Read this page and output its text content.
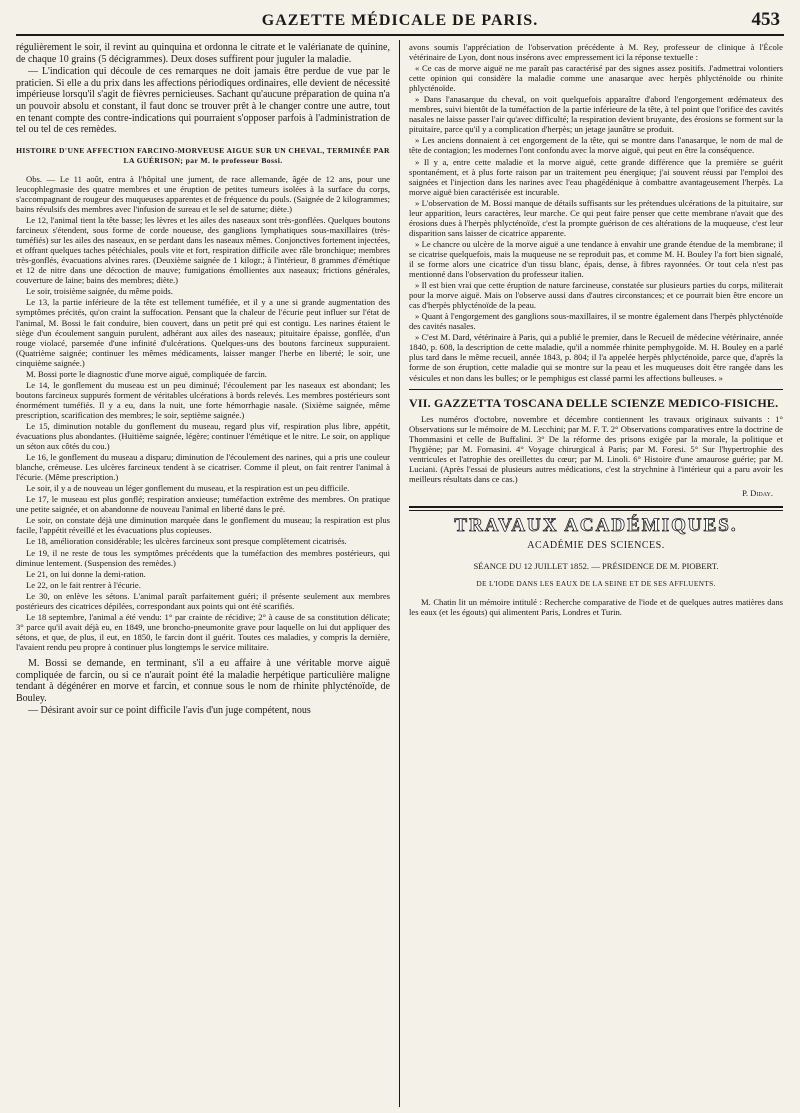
GAZETTE MÉDICALE DE PARIS.	453

régulièrement le soir, il revint au quinquina et ordonna le citrate et le valérianate de quinine, de chaque 10 grains (5 décigrammes). Deux doses suffirent pour juguler la maladie.

— L'indication qui découle de ces remarques ne doit jamais être perdue de vue par le praticien. Si elle a du prix dans les affections périodiques ordinaires, elle devient de nécessité impérieuse lorsqu'il s'agit de fièvres pernicieuses. Sachant qu'aucune préparation de quina n'a un pouvoir absolu et constant, il faut donc se trouver prêt à le changer contre une autre, tout en tenant compte des contre-indications qui pourraient s'opposer parfois à l'administration de tel ou tel de ces remèdes.

HISTOIRE D'UNE AFFECTION FARCINO-MORVEUSE AIGUE SUR UN CHEVAL, TERMINÉE PAR LA GUÉRISON; par M. le professeur Bossi.

Obs. — Le 11 août, entra à l'hôpital une jument, de race allemande, âgée de 12 ans, pour une leucophlegmasie des quatre membres et une éruption de petites tumeurs isolées à la surface du corps, s'accompagnant de rougeur des muqueuses apparentes et de fréquence du pouls. (Saignée de 2 kilogrammes; bains révulsifs des membres avec l'infusion de sureau et le sel de saturne; diète.)

Le 12, l'animal tient la tête basse; les lèvres et les ailes des naseaux sont très-gonflées. Quelques boutons farcineux s'étendent, sous forme de corde noueuse, des ganglions lymphatiques sous-maxillaires (très-tuméfiés) sur les ailes des naseaux, en se perdant dans les naseaux mêmes. Conjonctives fortement injectées, et offrant quelques taches pétéchiales, pouls vite et fort, respiration difficile avec râle bronchique; membres très-gonflés, évacuations alvines rares. (Deuxième saignée de 1 kilogr.; à l'intérieur, 8 grammes d'émétique et 12 de nitre dans une décoction de mauve; fumigations émollientes aux naseaux; frictions générales, couverture de laine; bains des membres; diète.)

Le soir, troisième saignée, du même poids.

Le 13, la partie inférieure de la tête est tellement tuméfiée, et il y a une si grande augmentation des symptômes précités, qu'on craint la suffocation. Pensant que la chaleur de l'écurie peut influer sur l'état de l'animal, M. Bossi le fait conduire, bien couvert, dans un petit pré qui est contigu. Les narines étaient le siège d'un écoulement sanguin purulent, adhérant aux ailes des naseaux; pituitaire épaisse, gonflée, d'un rouge violacé, parsemée d'une infinité d'ulcérations. Quelques-uns des boutons farcineux suppuraient. (Quatrième saignée; continuer les mêmes médicaments, laisser manger l'herbe en liberté; le soir, une cinquième saignée.)

M. Bossi porte le diagnostic d'une morve aiguë, compliquée de farcin.

Le 14, le gonflement du museau est un peu diminué; l'écoulement par les naseaux est abondant; les boutons farcineux suppurés forment de véritables ulcérations à bords relevés. Les membres postérieurs sont énormément tuméfiés. Il y a eu, dans la nuit, une forte hémorrhagie nasale. (Sixième saignée, même prescription, scarification des membres; le soir, septième saignée.)

Le 15, diminution notable du gonflement du museau, regard plus vif, respiration plus libre, appétit, évacuations plus abondantes. (Huitième saignée, légère; continuer l'émétique et le nitre. Le soir, on applique un séton aux côtés du cou.)

Le 16, le gonflement du museau a disparu; diminution de l'écoulement des narines, qui a pris une couleur blanche, crémeuse. Les ulcères farcineux tendent à se cicatriser. Comme il pleut, on fait rentrer l'animal à l'écurie. (Même prescription.)

Le soir, il y a de nouveau un léger gonflement du museau, et la respiration est un peu difficile.

Le 17, le museau est plus gonflé; respiration anxieuse; tuméfaction extrême des membres. On pratique une petite saignée, et on abandonne de nouveau l'animal en liberté dans le pré.

Le soir, on constate déjà une diminution marquée dans le gonflement du museau; la respiration est plus facile, l'appétit réveillé et les évacuations plus copieuses.

Le 18, amélioration considérable; les ulcères farcineux sont presque complètement cicatrisés.

Le 19, il ne reste de tous les symptômes précédents que la tuméfaction des membres postérieurs, qui diminue lentement. (Suspension des remèdes.)

Le 21, on lui donne la demi-ration.

Le 22, on le fait rentrer à l'écurie.

Le 30, on enlève les sétons. L'animal paraît parfaitement guéri; il présente seulement aux membres postérieurs des cicatrices dépilées, correspondant aux points qui ont été scarifiés.

Le 18 septembre, l'animal a été vendu: 1° par crainte de récidive; 2° à cause de sa constitution délicate; 3° parce qu'il avait déjà eu, en 1849, une broncho-pneumonite grave pour laquelle on lui dut appliquer des sétons, et que, de plus, il eut, en 1850, le farcin dont il guérit. Toutes ces maladies, y compris la dernière, l'avaient rendu peu propre à continuer plus longtemps le service militaire.

M. Bossi se demande, en terminant, s'il a eu affaire à une véritable morve aiguë compliquée de farcin, ou si ce n'aurait point été la maladie herpétique particulière maligne tendant à dégénérer en morve et farcin, et connue sous le nom de rhinite phlycténoïde, de Bouley.

— Désirant avoir sur ce point difficile l'avis d'un juge compétent, nous

avons soumis l'appréciation de l'observation précédente à M. Rey, professeur de clinique à l'École vétérinaire de Lyon, dont nous insérons avec empressement ici la réponse textuelle :

« Ce cas de morve aiguë ne me paraît pas caractérisé par des signes assez positifs. J'admettrai volontiers cette opinion qui considère la maladie comme une anasarque avec herpès phlycténoïde ou rhinite phlycténoïde.

» Dans l'anasarque du cheval, on voit quelquefois apparaître d'abord l'engorgement œdémateux des membres, suivi bientôt de la tuméfaction de la partie inférieure de la tête, à tel point que l'orifice des cavités nasales ne laisse passer l'air qu'avec difficulté; la respiration devient bruyante, des érosions se forment sur la pituitaire, parce qu'il y a complication d'herpès; un jetage jaunâtre se produit.

» Les anciens donnaient à cet engorgement de la tête, qui se montre dans l'anasarque, le nom de mal de tête de contagion; les modernes l'ont confondu avec la morve aiguë, qui peut en être la conséquence.

» Il y a, entre cette maladie et la morve aiguë, cette grande différence que la première se guérit spontanément, et à plus forte raison par un traitement peu énergique; j'ai souvent réussi par l'emploi des saignées et l'injection dans les narines avec l'eau phagédénique à combattre avantageusement l'herpès. La morve aiguë bien caractérisée est incurable.

» L'observation de M. Bossi manque de détails suffisants sur les prétendues ulcérations de la pituitaire, sur leur apparition, leurs caractères, leur marche. Ce qui peut faire penser que cette membrane n'avait que des érosions dues à l'herpès phlycténoïde, c'est la prompte guérison de ces altérations de la muqueuse, c'est leur disparition sans laisser de cicatrice apparente.

» Le chancre ou ulcère de la morve aiguë a une tendance à envahir une grande étendue de la membrane; il se cicatrise quelquefois, mais la muqueuse ne se reproduit pas, et comme M. H. Bouley l'a fort bien signalé, il se forme alors une cicatrice d'un tissu blanc, épais, dense, à fibres rayonnées. Or tout cela n'est pas mentionné dans l'observation du professeur italien.

» Il est bien vrai que cette éruption de nature farcineuse, constatée sur plusieurs parties du corps, militerait pour la morve aiguë. Mais on l'observe aussi dans d'autres circonstances; et ce pourrait bien être encore un cas d'herpès phlycténoïde de la peau.

» Quant à l'engorgement des ganglions sous-maxillaires, il se montre également dans l'herpès phlycténoïde des cavités nasales.

» C'est M. Dard, vétérinaire à Paris, qui a publié le premier, dans le Recueil de médecine vétérinaire, année 1840, p. 608, la description de cette maladie, qu'il a nommée rhinite pemphygoïde. M. H. Bouley en a parlé plus tard dans le même recueil, année 1843, p. 804; il l'a appelée herpès phlycténoïde, parce que, d'après la forme de son éruption, cette maladie qui se montre sur la peau et les muqueuses doit être rangée dans les vésicules et non dans les bulles; or le pemphigus est classé parmi les affections bulleuses. »

VII. GAZZETTA TOSCANA DELLE SCIENZE MEDICO-FISICHE.

Les numéros d'octobre, novembre et décembre contiennent les travaux originaux suivants : 1° Observations sur le mémoire de M. Lecchini; par M. F. T. 2° Observations comparatives entre la doctrine de Thommasini et celle de Buffalini. 3° De la réforme des prisons exigée par la morale, la politique et l'hygiène; par M. Fornasini. 4° Voyage chirurgical à Paris; par M. Foresi. 5° Sur l'hypertrophie des ventricules et l'atrophie des oreillettes du cœur; par M. Linoli. 6° Histoire d'une amaurose guérie; par M. Luciani. (Après l'essai de plusieurs autres médications, c'est la strychnine à l'intérieur qui a paru avoir les meilleurs résultats dans ce cas.)

P. Diday.
TRAVAUX ACADÉMIQUES.
ACADÉMIE DES SCIENCES.
SÉANCE DU 12 JUILLET 1852. — PRÉSIDENCE DE M. PIOBERT.
DE L'IODE DANS LES EAUX DE LA SEINE ET DE SES AFFLUENTS.

M. Chatin lit un mémoire intitulé : Recherche comparative de l'iode et de quelques autres matières dans les eaux (et les égouts) qui alimentent Paris, Londres et Turin.
